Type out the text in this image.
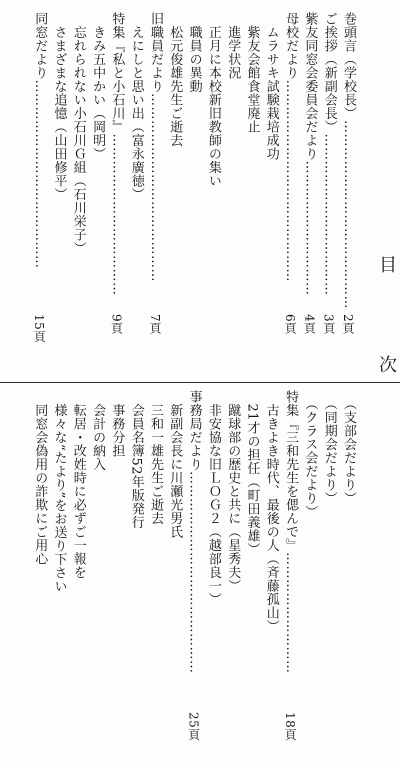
目
次
巻頭言（学校長）……………………………………
2頁
ご挨拶（新副会長）………………………………
3頁
紫友同窓会委員会だより…………………………
4頁
母校だより………………………………………
6頁
　ムラサキ試験栽培成功
　紫友会館食堂廃止
　進学状況
　正月に本校新旧教師の集い
　職員の異動
　松元俊雄先生ご逝去
旧職員だより……………………………………
7頁
　えにしと思い出（富永廣徳）
特集『私と小石川』………………………………
9頁
　きみ五中かい（岡明）
　忘れられない小石川Ｇ組（石川栄子）
　さまざまな追憶（山田修平）
同窓だより……………………………………
15頁
　（支部会だより）
　（同期会だより）
　（クラス会だより）
特集『三和先生を偲んで』………………………
18頁
　古きよき時代、最後の人（斉藤孤山）
　21才の担任（町田義雄）
　蹴球部の歴史と共に（星秀夫）
　非安協な旧ＬＯＧ２（越部良一）
事務局だより………………………………………
25頁
　新副会長に川瀬光男氏
　三和一雄先生ご逝去
　会員名簿52年版発行
　事務分担
　会計の納入
　転居・改姓時に必ずご一報を
　様々な“たより”をお送り下さい
　同窓会偽用の詐欺にご用心
